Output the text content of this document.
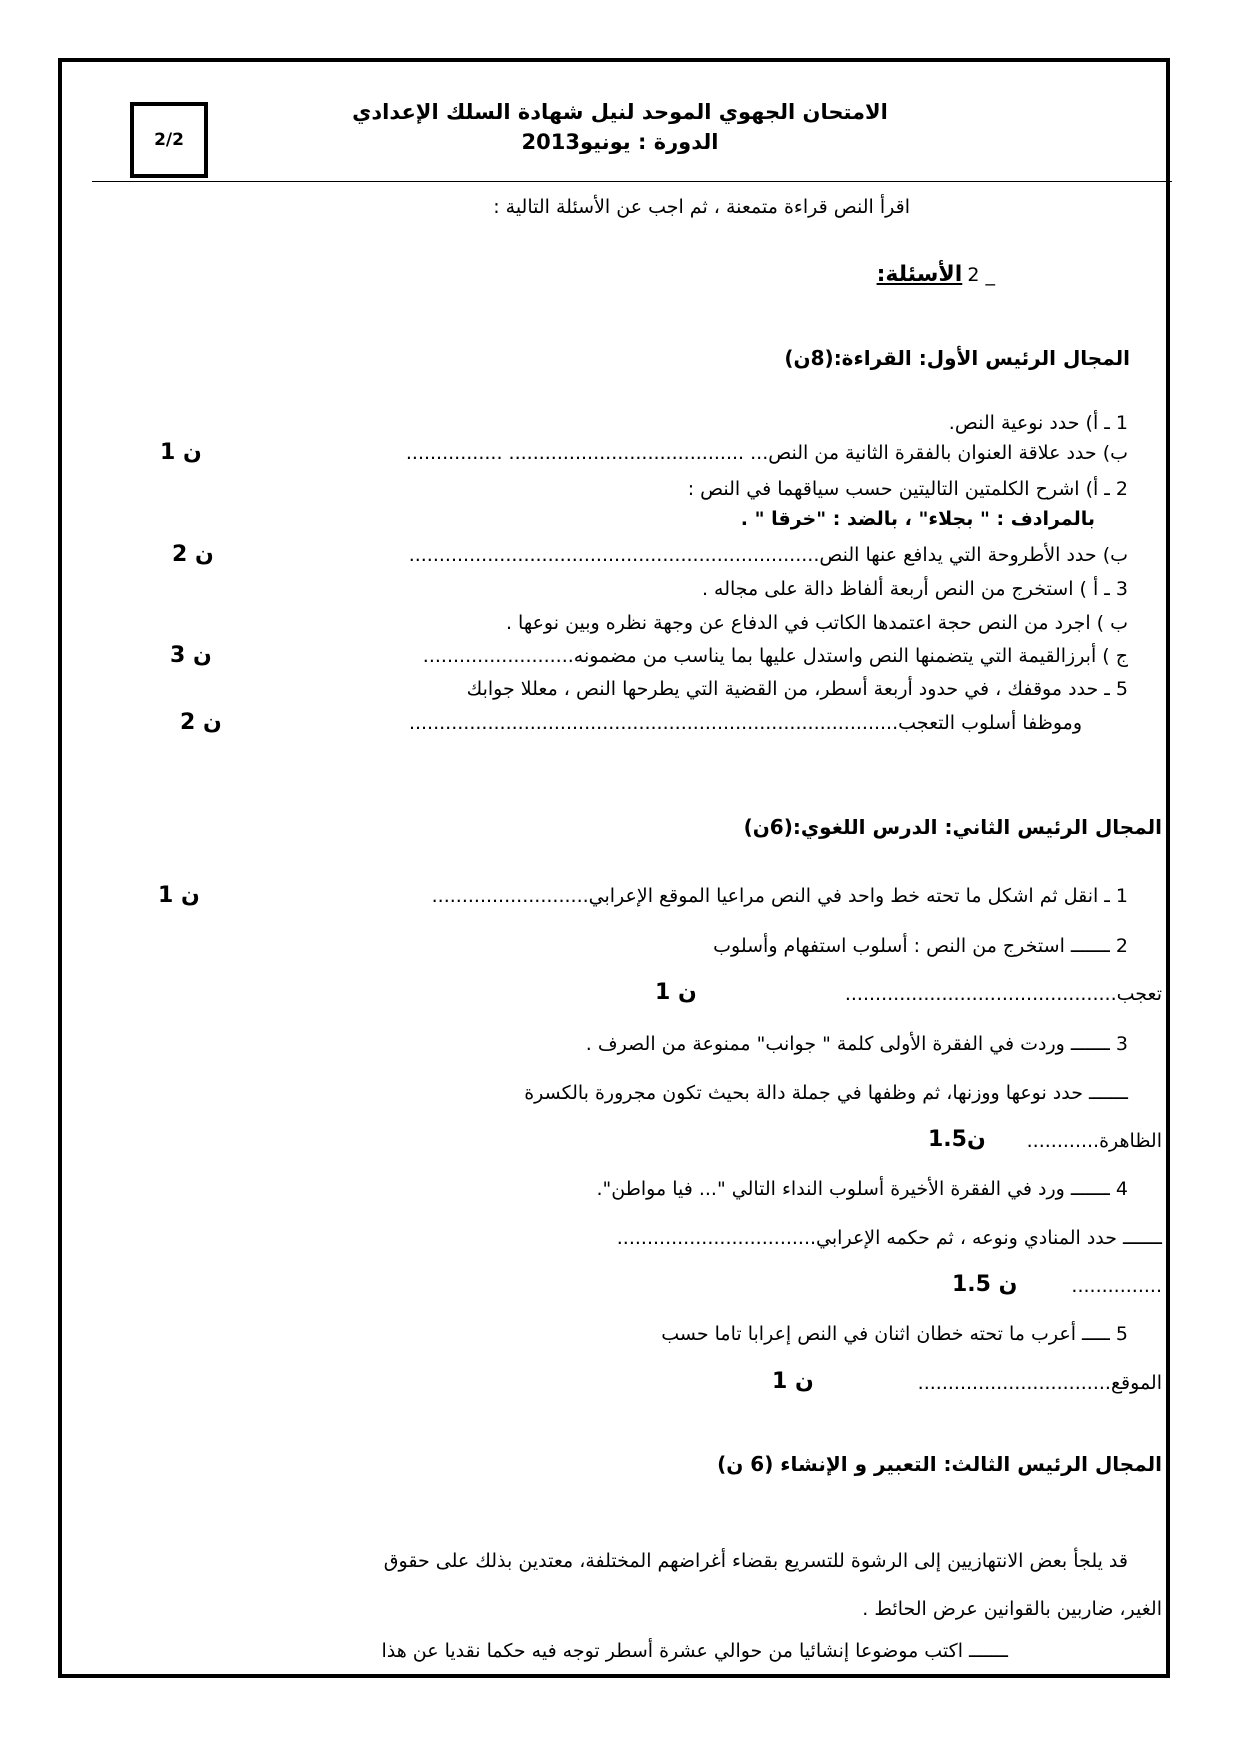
2/2
الامتحان الجهوي الموحد لنيل شهادة السلك الإعدادي
الدورة : يونيو2013
اقرأ النص قراءة متمعنة ، ثم اجب عن الأسئلة التالية :
الأسئلة: 2 _
المجال الرئيس الأول: القراءة:(8ن)
1 ـ أ) حدد نوعية النص.
ب) حدد علاقة العنوان بالفقرة الثانية من النص... ....................................... ................
1 ن
2 ـ أ) اشرح الكلمتين التاليتين حسب سياقهما في النص :
بالمرادف : " بجلاء" ، بالضد : "خرقا " .
ب) حدد الأطروحة التي يدافع عنها النص....................................................................
2 ن
3 ـ أ ) استخرج من النص أربعة ألفاظ دالة على مجاله .
ب ) اجرد من النص حجة اعتمدها الكاتب في الدفاع عن وجهة نظره وبين نوعها .
ج ) أبرزالقيمة التي يتضمنها النص واستدل عليها بما يناسب من مضمونه.........................
3 ن
5 ـ حدد موقفك ، في حدود أربعة أسطر، من القضية التي يطرحها النص ، معللا جوابك
وموظفا أسلوب التعجب.................................................................................
2 ن
المجال الرئيس الثاني: الدرس اللغوي:(6ن)
1 ـ انقل ثم اشكل ما تحته خط واحد في النص مراعيا الموقع الإعرابي..........................
1 ن
2 ـــــــ استخرج من النص : أسلوب استفهام وأسلوب
تعجب.............................................
1 ن
3 ـــــــ وردت في الفقرة الأولى كلمة " جوانب" ممنوعة من الصرف .
ـــــــ حدد نوعها ووزنها، ثم وظفها في جملة دالة بحيث تكون مجرورة بالكسرة
الظاهرة............
1.5ن
4 ـــــــ ورد في الفقرة الأخيرة أسلوب النداء التالي "... فيا مواطن".
ـــــــ حدد المنادي ونوعه ، ثم حكمه الإعرابي.................................
...............
1.5 ن
5 ـــــ أعرب ما تحته خطان اثنان في النص إعرابا تاما حسب
الموقع................................
1 ن
المجال الرئيس الثالث: التعبير و الإنشاء (6 ن)
قد يلجأ بعض الانتهازيين إلى الرشوة للتسريع بقضاء أغراضهم المختلفة، معتدين بذلك على حقوق
الغير، ضاربين بالقوانين عرض الحائط .
ـــــــ اكتب موضوعا إنشائيا من حوالي عشرة أسطر توجه فيه حكما نقديا عن هذا
